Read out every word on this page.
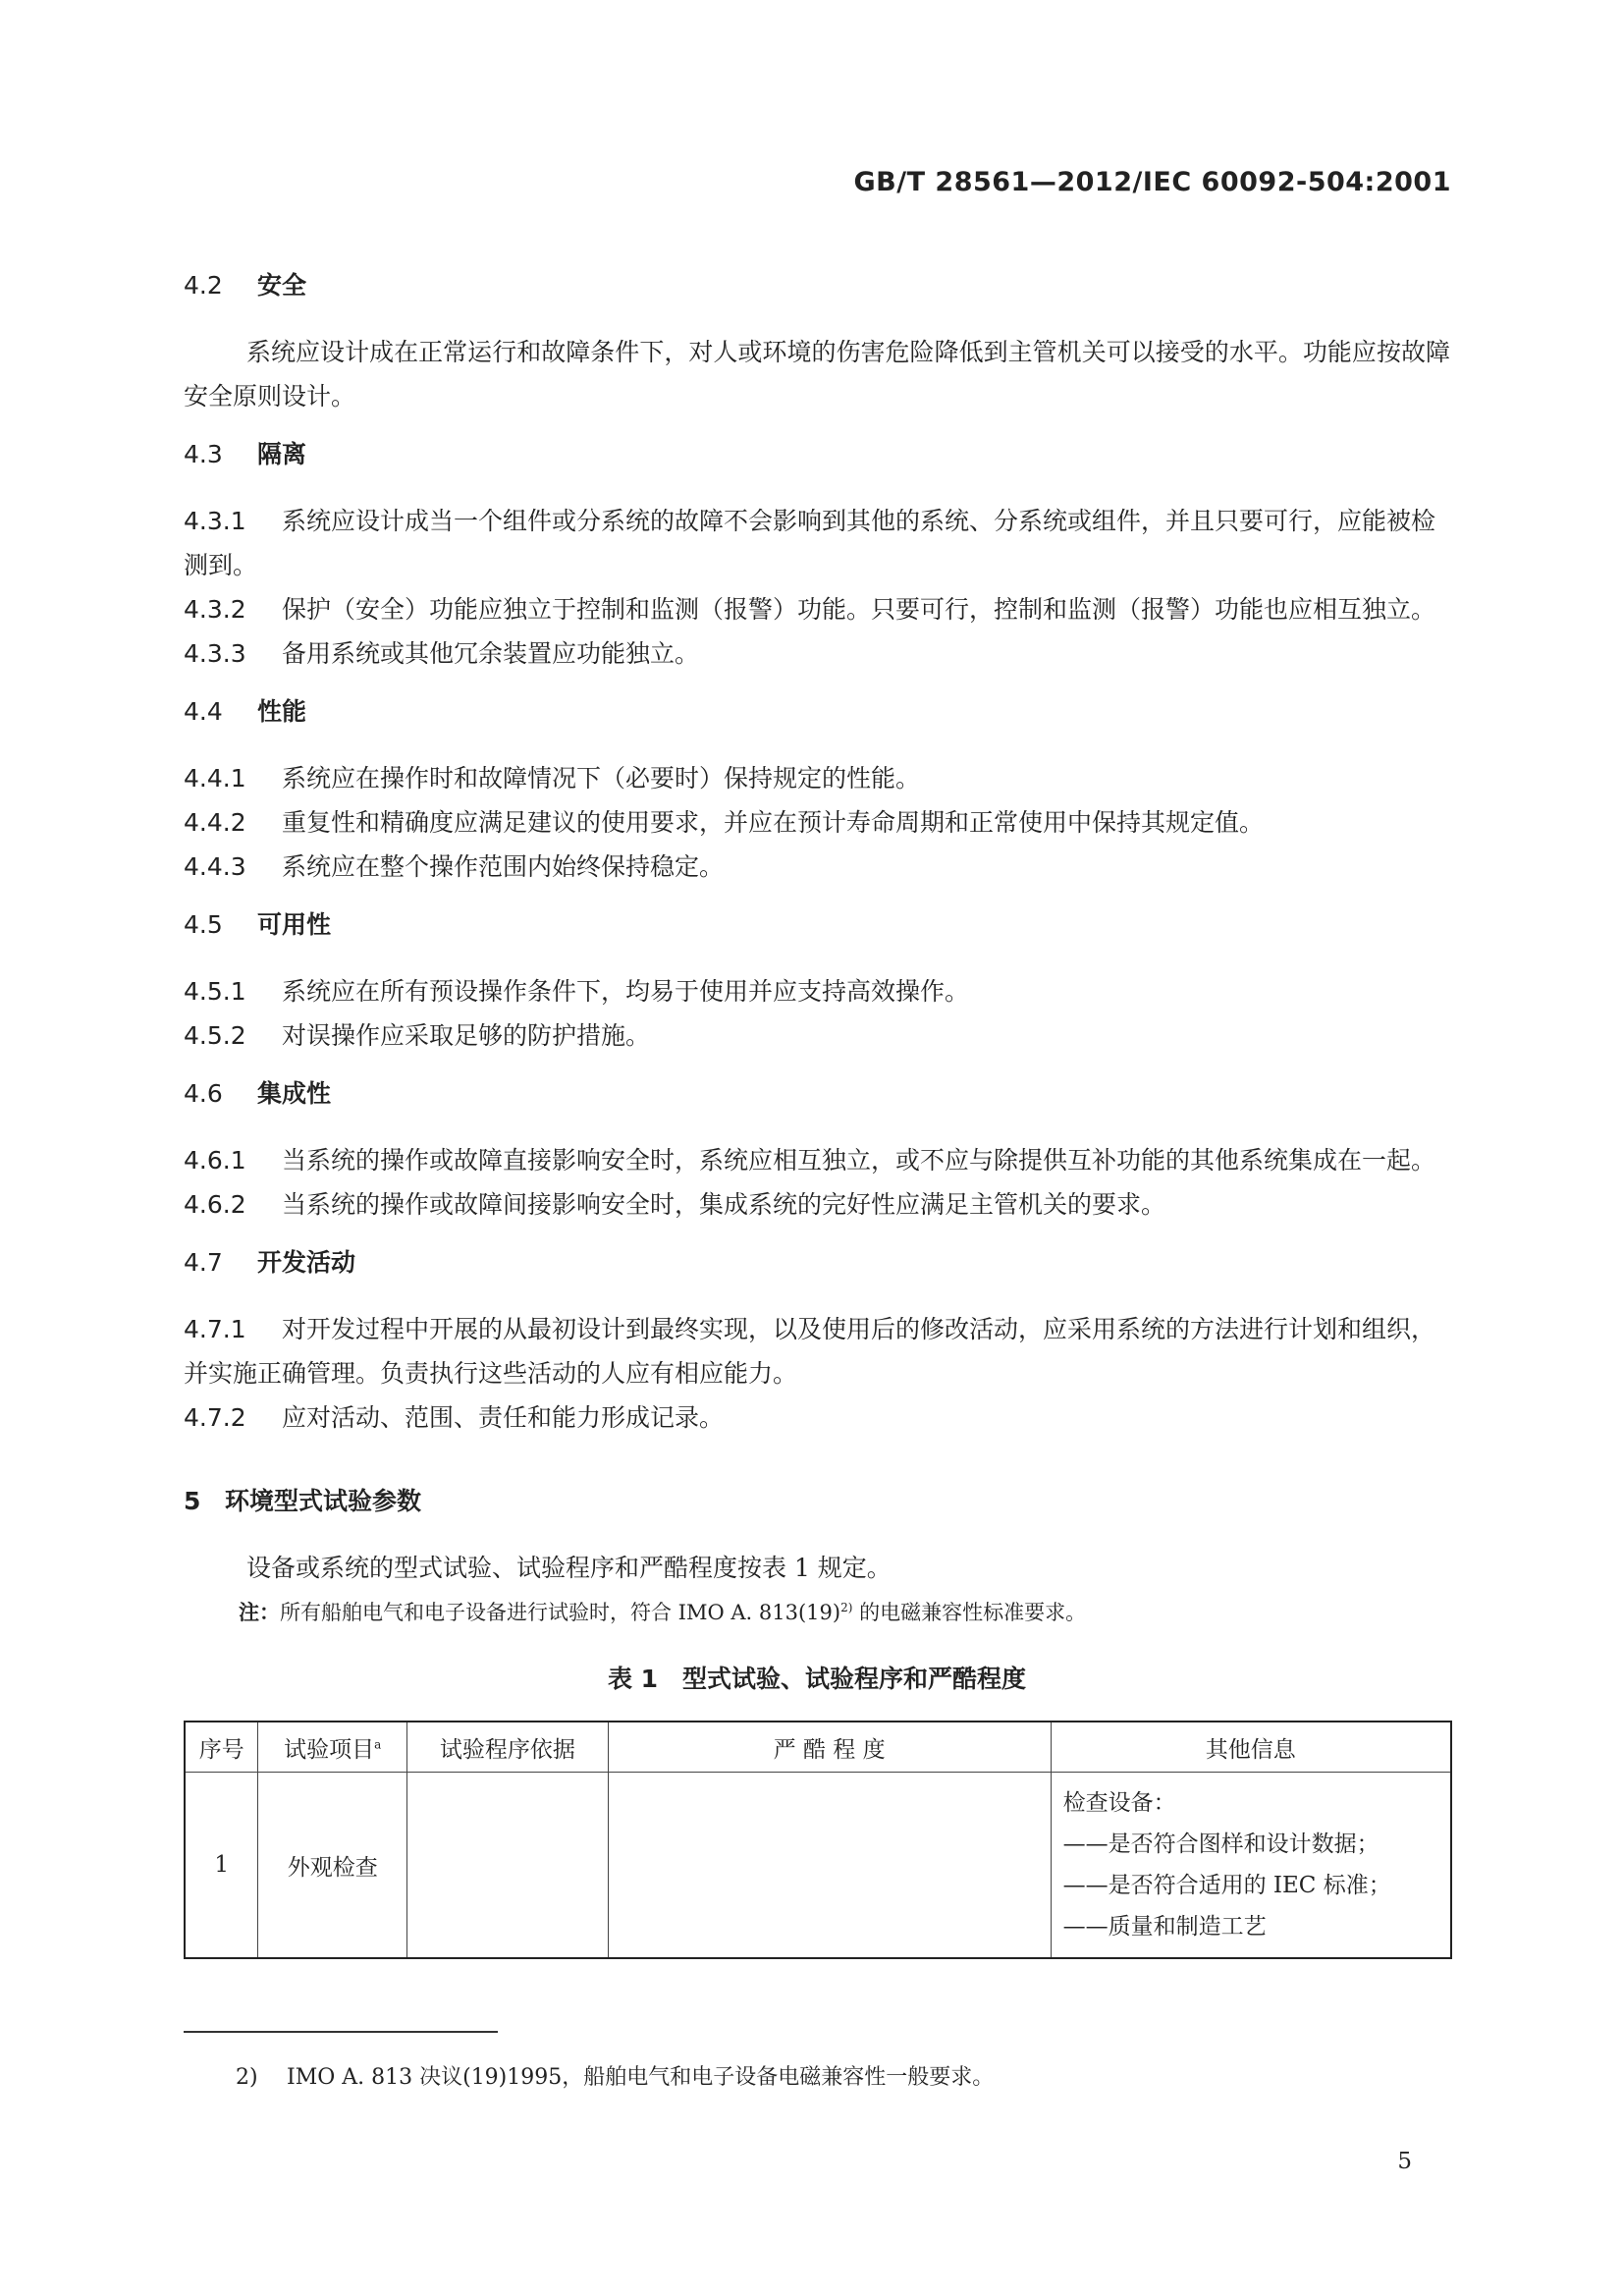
GB/T 28561—2012/IEC 60092-504:2001
4.2 安全

系统应设计成在正常运行和故障条件下，对人或环境的伤害危险降低到主管机关可以接受的水平。功能应按故障安全原则设计。

4.3 隔离

4.3.1 系统应设计成当一个组件或分系统的故障不会影响到其他的系统、分系统或组件，并且只要可行，应能被检测到。

4.3.2 保护（安全）功能应独立于控制和监测（报警）功能。只要可行，控制和监测（报警）功能也应相互独立。

4.3.3 备用系统或其他冗余装置应功能独立。

4.4 性能

4.4.1 系统应在操作时和故障情况下（必要时）保持规定的性能。

4.4.2 重复性和精确度应满足建议的使用要求，并应在预计寿命周期和正常使用中保持其规定值。

4.4.3 系统应在整个操作范围内始终保持稳定。

4.5 可用性

4.5.1 系统应在所有预设操作条件下，均易于使用并应支持高效操作。

4.5.2 对误操作应采取足够的防护措施。

4.6 集成性

4.6.1 当系统的操作或故障直接影响安全时，系统应相互独立，或不应与除提供互补功能的其他系统集成在一起。

4.6.2 当系统的操作或故障间接影响安全时，集成系统的完好性应满足主管机关的要求。

4.7 开发活动

4.7.1 对开发过程中开展的从最初设计到最终实现，以及使用后的修改活动，应采用系统的方法进行计划和组织，并实施正确管理。负责执行这些活动的人应有相应能力。

4.7.2 应对活动、范围、责任和能力形成记录。

5 环境型式试验参数

设备或系统的型式试验、试验程序和严酷程度按表 1 规定。

注：所有船舶电气和电子设备进行试验时，符合 IMO A. $813(19)^{2)}$ 的电磁兼容性标准要求。

表 1　型式试验、试验程序和严酷程度
序号	试验项目$^a$	试验程序依据	严 酷 程 度	其他信息
1	外观检查			检查设备：
——是否符合图样和设计数据；
——是否符合适用的 IEC 标准；
——质量和制造工艺
2) IMO A. 813 决议(19)1995，船舶电气和电子设备电磁兼容性一般要求。
5
